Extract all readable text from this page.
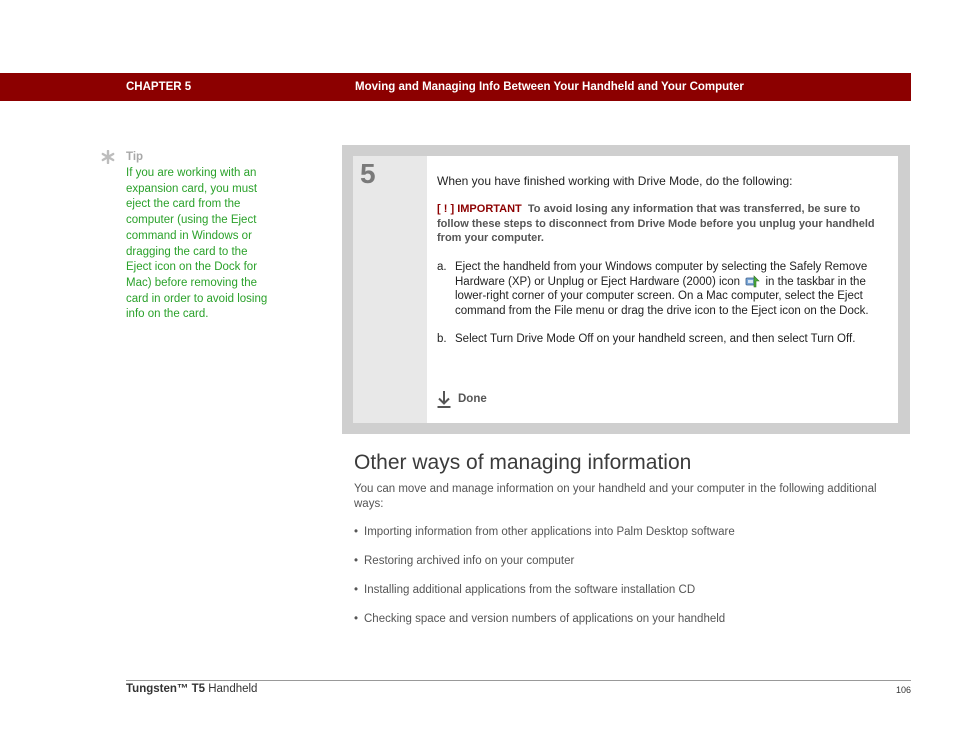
CHAPTER 5	Moving and Managing Info Between Your Handheld and Your Computer
Tip
If you are working with an expansion card, you must eject the card from the computer (using the Eject command in Windows or dragging the card to the Eject icon on the Dock for Mac) before removing the card in order to avoid losing info on the card.
5	When you have finished working with Drive Mode, do the following:
[ ! ] IMPORTANT To avoid losing any information that was transferred, be sure to follow these steps to disconnect from Drive Mode before you unplug your handheld from your computer.
a. Eject the handheld from your Windows computer by selecting the Safely Remove Hardware (XP) or Unplug or Eject Hardware (2000) icon in the taskbar in the lower-right corner of your computer screen. On a Mac computer, select the Eject command from the File menu or drag the drive icon to the Eject icon on the Dock.
b. Select Turn Drive Mode Off on your handheld screen, and then select Turn Off.
Done
Other ways of managing information
You can move and manage information on your handheld and your computer in the following additional ways:
• Importing information from other applications into Palm Desktop software
• Restoring archived info on your computer
• Installing additional applications from the software installation CD
• Checking space and version numbers of applications on your handheld
Tungsten™ T5 Handheld	106
